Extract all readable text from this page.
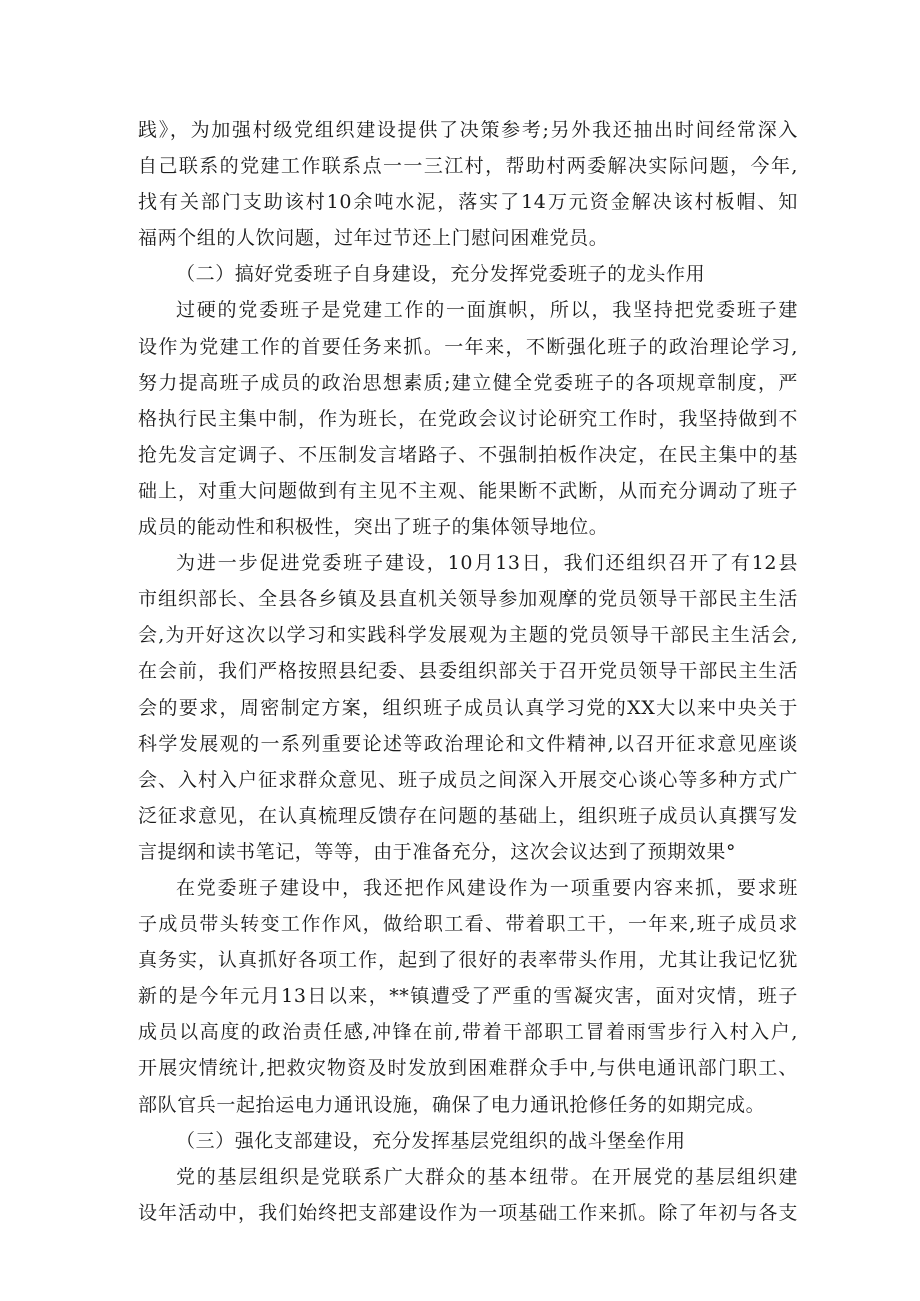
践》，为加强村级党组织建设提供了决策参考;另外我还抽出时间经常深入
自己联系的党建工作联系点一一三江村，帮助村两委解决实际问题，今年,
找有关部门支助该村10余吨水泥，落实了14万元资金解决该村板帽、知
福两个组的人饮问题，过年过节还上门慰问困难党员。
（二）搞好党委班子自身建设，充分发挥党委班子的龙头作用
过硬的党委班子是党建工作的一面旗帜，所以，我坚持把党委班子建
设作为党建工作的首要任务来抓。一年来，不断强化班子的政治理论学习,
努力提高班子成员的政治思想素质;建立健全党委班子的各项规章制度，严
格执行民主集中制，作为班长，在党政会议讨论研究工作时，我坚持做到不
抢先发言定调子、不压制发言堵路子、不强制拍板作决定，在民主集中的基
础上，对重大问题做到有主见不主观、能果断不武断，从而充分调动了班子
成员的能动性和积极性，突出了班子的集体领导地位。
为进一步促进党委班子建设，10月13日，我们还组织召开了有12县
市组织部长、全县各乡镇及县直机关领导参加观摩的党员领导干部民主生活
会,为开好这次以学习和实践科学发展观为主题的党员领导干部民主生活会,
在会前，我们严格按照县纪委、县委组织部关于召开党员领导干部民主生活
会的要求，周密制定方案，组织班子成员认真学习党的XX大以来中央关于
科学发展观的一系列重要论述等政治理论和文件精神,以召开征求意见座谈
会、入村入户征求群众意见、班子成员之间深入开展交心谈心等多种方式广
泛征求意见，在认真梳理反馈存在问题的基础上，组织班子成员认真撰写发
言提纲和读书笔记，等等，由于准备充分，这次会议达到了预期效果°
在党委班子建设中，我还把作风建设作为一项重要内容来抓，要求班
子成员带头转变工作作风，做给职工看、带着职工干，一年来,班子成员求
真务实，认真抓好各项工作，起到了很好的表率带头作用，尤其让我记忆犹
新的是今年元月13日以来，**镇遭受了严重的雪凝灾害，面对灾情，班子
成员以高度的政治责任感,冲锋在前,带着干部职工冒着雨雪步行入村入户,
开展灾情统计,把救灾物资及时发放到困难群众手中,与供电通讯部门职工、
部队官兵一起抬运电力通讯设施，确保了电力通讯抢修任务的如期完成。
（三）强化支部建设，充分发挥基层党组织的战斗堡垒作用
党的基层组织是党联系广大群众的基本纽带。在开展党的基层组织建
设年活动中，我们始终把支部建设作为一项基础工作来抓。除了年初与各支
